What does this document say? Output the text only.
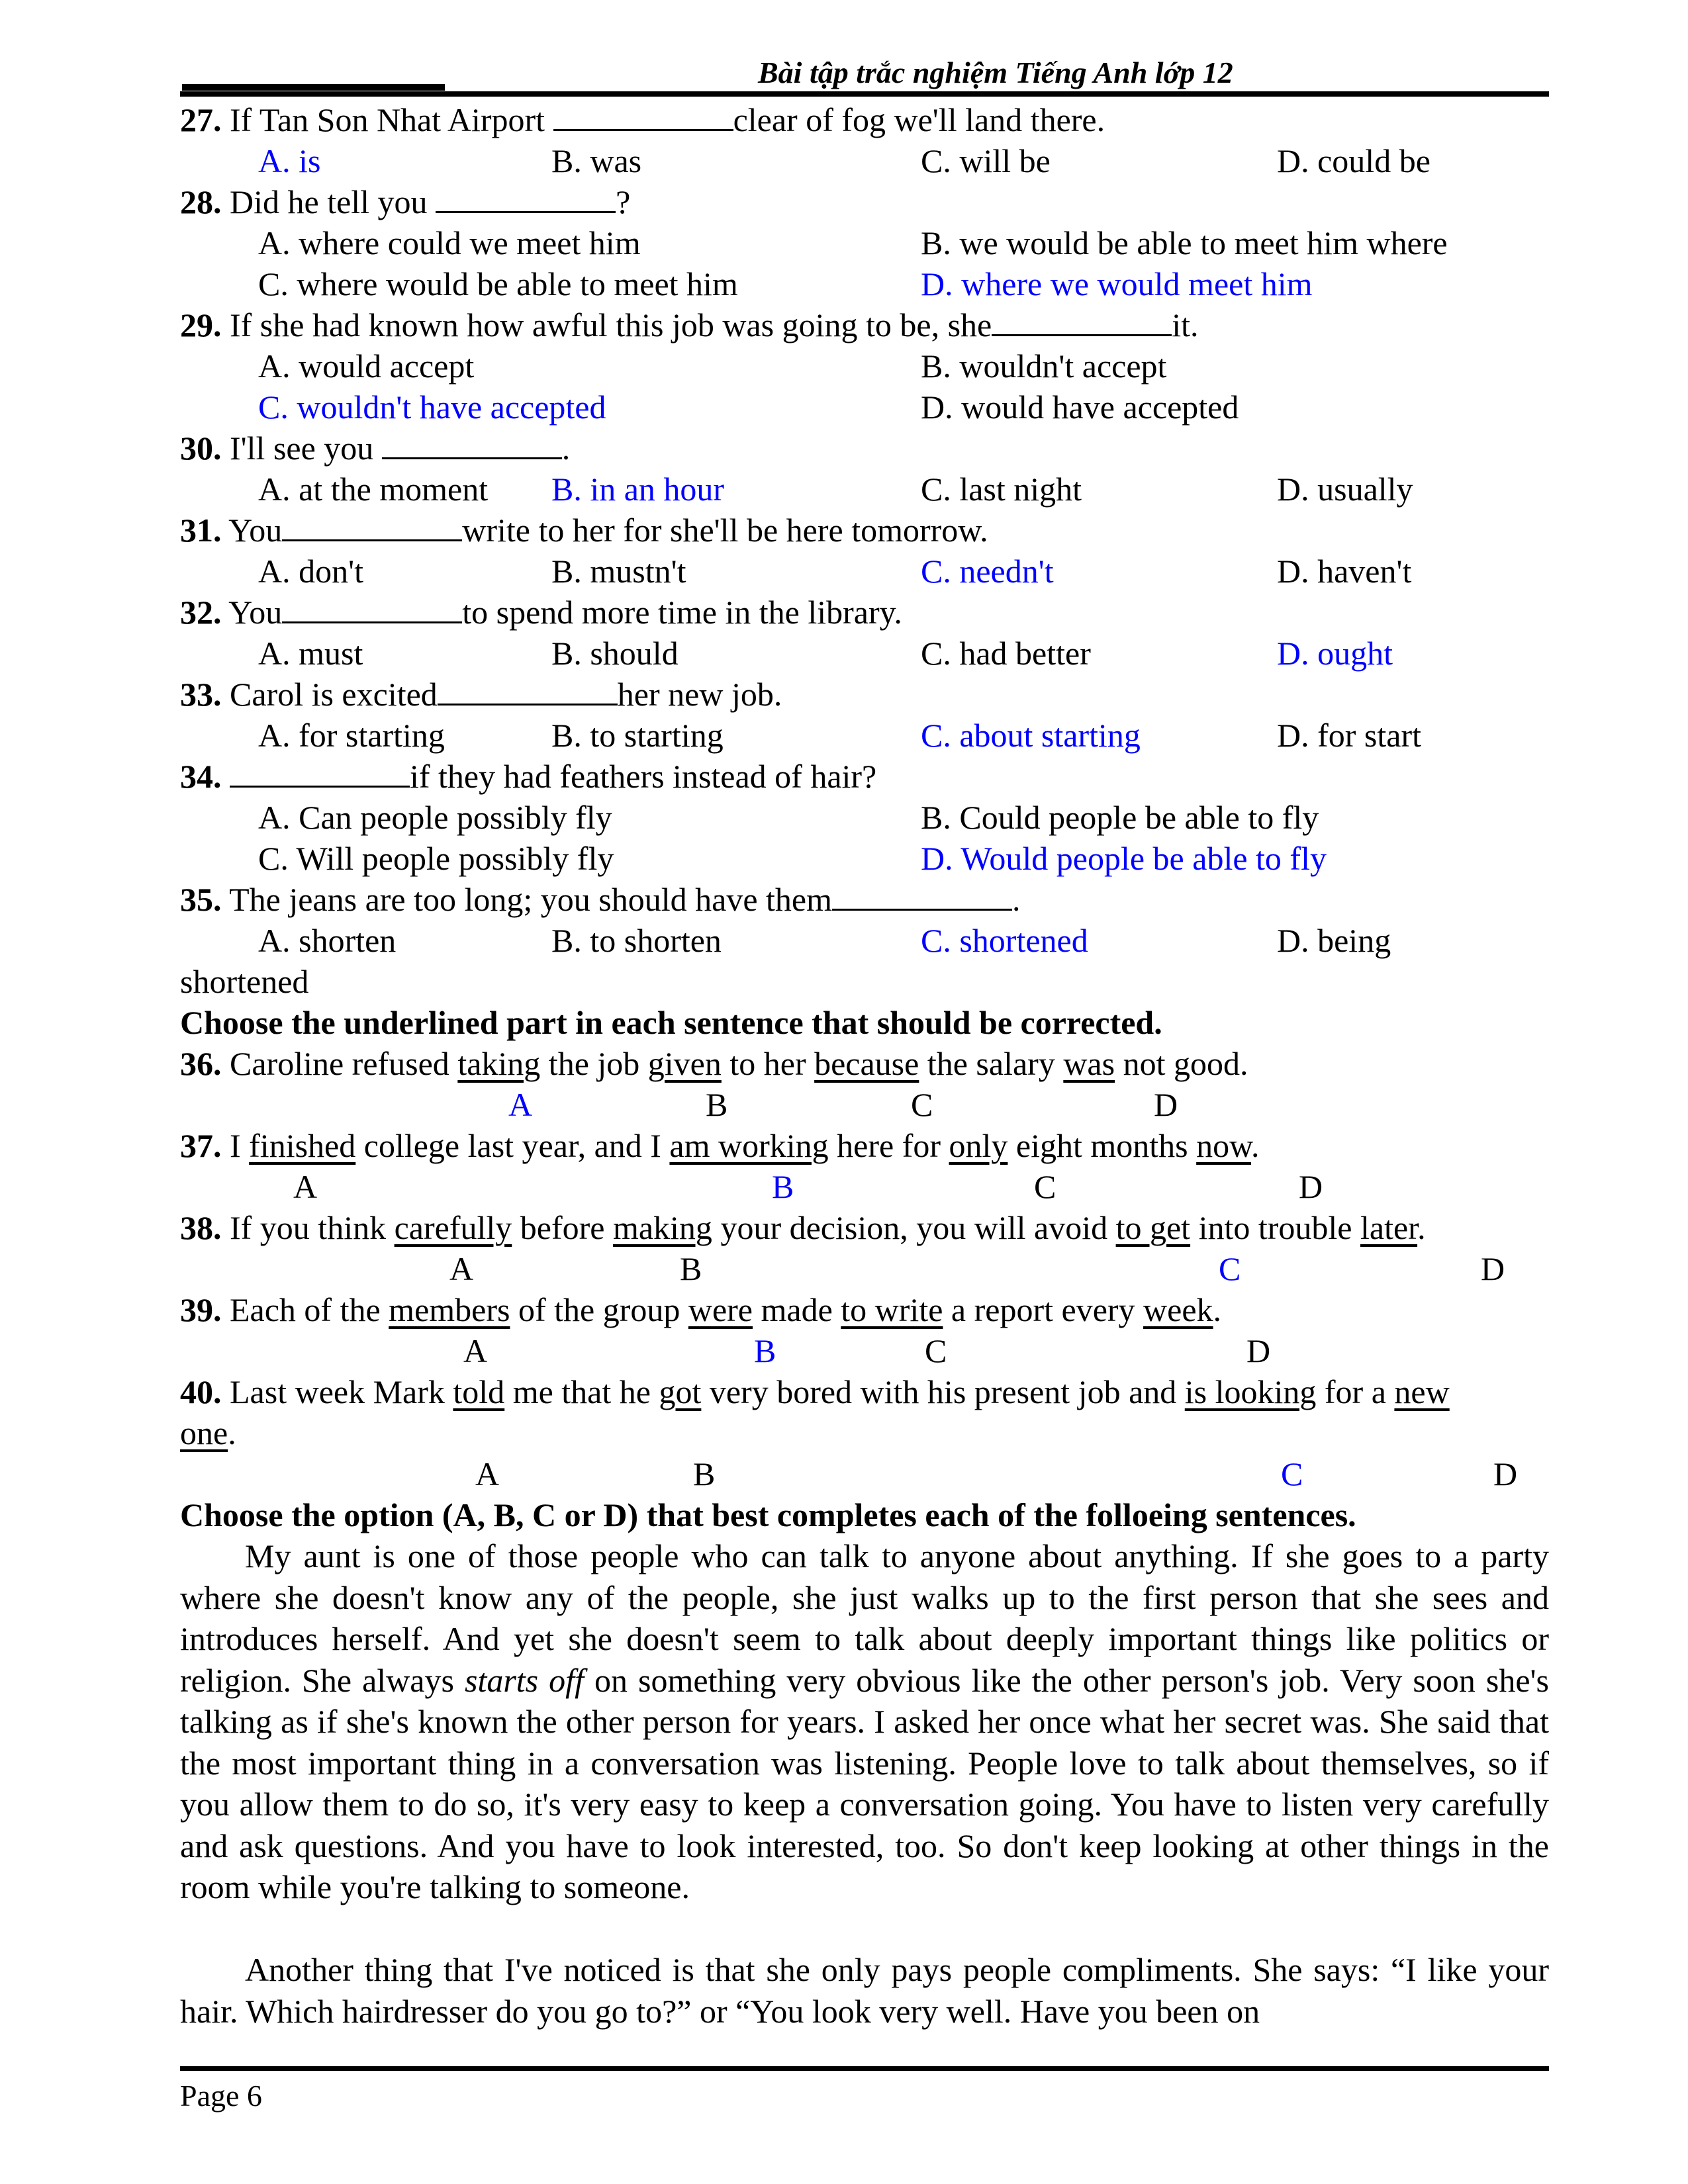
Bài tập trắc nghiệm Tiếng Anh lớp 12
27. If Tan Son Nhat Airport	clear of fog we'll land there.
A. is	B. was	C. will be	D. could be
28. Did he tell you	?
A. where could we meet him	B. we would be able to meet him where
C. where would be able to meet him	D. where we would meet him
29. If she had known how awful this job was going to be, she	it.
A. would accept	B. wouldn't accept
C. wouldn't have accepted	D. would have accepted
30. I'll see you	.
A. at the moment B. in an hour	C. last night	D. usually
31. You	write to her for she'll be here tomorrow.
A. don't	B. mustn't	C. needn't	D. haven't
32. You	to spend more time in the library.
A. must	B. should	C. had better	D. ought
33. Carol is excited	her new job.
A. for starting	B. to starting	C. about starting	D. for start
34.	if they had feathers instead of hair?
A. Can people possibly fly	B. Could people be able to fly
C. Will people possibly fly	D. Would people be able to fly
35. The jeans are too long; you should have them	.
A. shorten	B. to shorten	C. shortened	D. being
shortened
Choose the underlined part in each sentence that should be corrected.
36. Caroline refused taking the job given to her because the salary was not good.
A	B	C	D
37. I finished college last year, and I am working here for only eight months now.
A	B	C	D
38. If you think carefully before making your decision, you will avoid to get into trouble later.
A	B	C	D
39. Each of the members of the group were made to write a report every week.
A	B	C	D
40. Last week Mark told me that he got very bored with his present job and is looking for a new
one.
A	B	C	D
Choose the option (A, B, C or D) that best completes each of the folloeing sentences.
My aunt is one of those people who can talk to anyone about anything. If she goes to a party where she doesn't know any of the people, she just walks up to the first person that she sees and introduces herself. And yet she doesn't seem to talk about deeply important things like politics or religion. She always starts off on something very obvious like the other person's job. Very soon she's talking as if she's known the other person for years. I asked her once what her secret was. She said that the most important thing in a conversation was listening. People love to talk about themselves, so if you allow them to do so, it's very easy to keep a conversation going. You have to listen very carefully and ask questions. And you have to look interested, too. So don't keep looking at other things in the room while you're talking to someone.
Another thing that I've noticed is that she only pays people compliments. She says: “I like your hair. Which hairdresser do you go to?” or “You look very well. Have you been on
Page 6
